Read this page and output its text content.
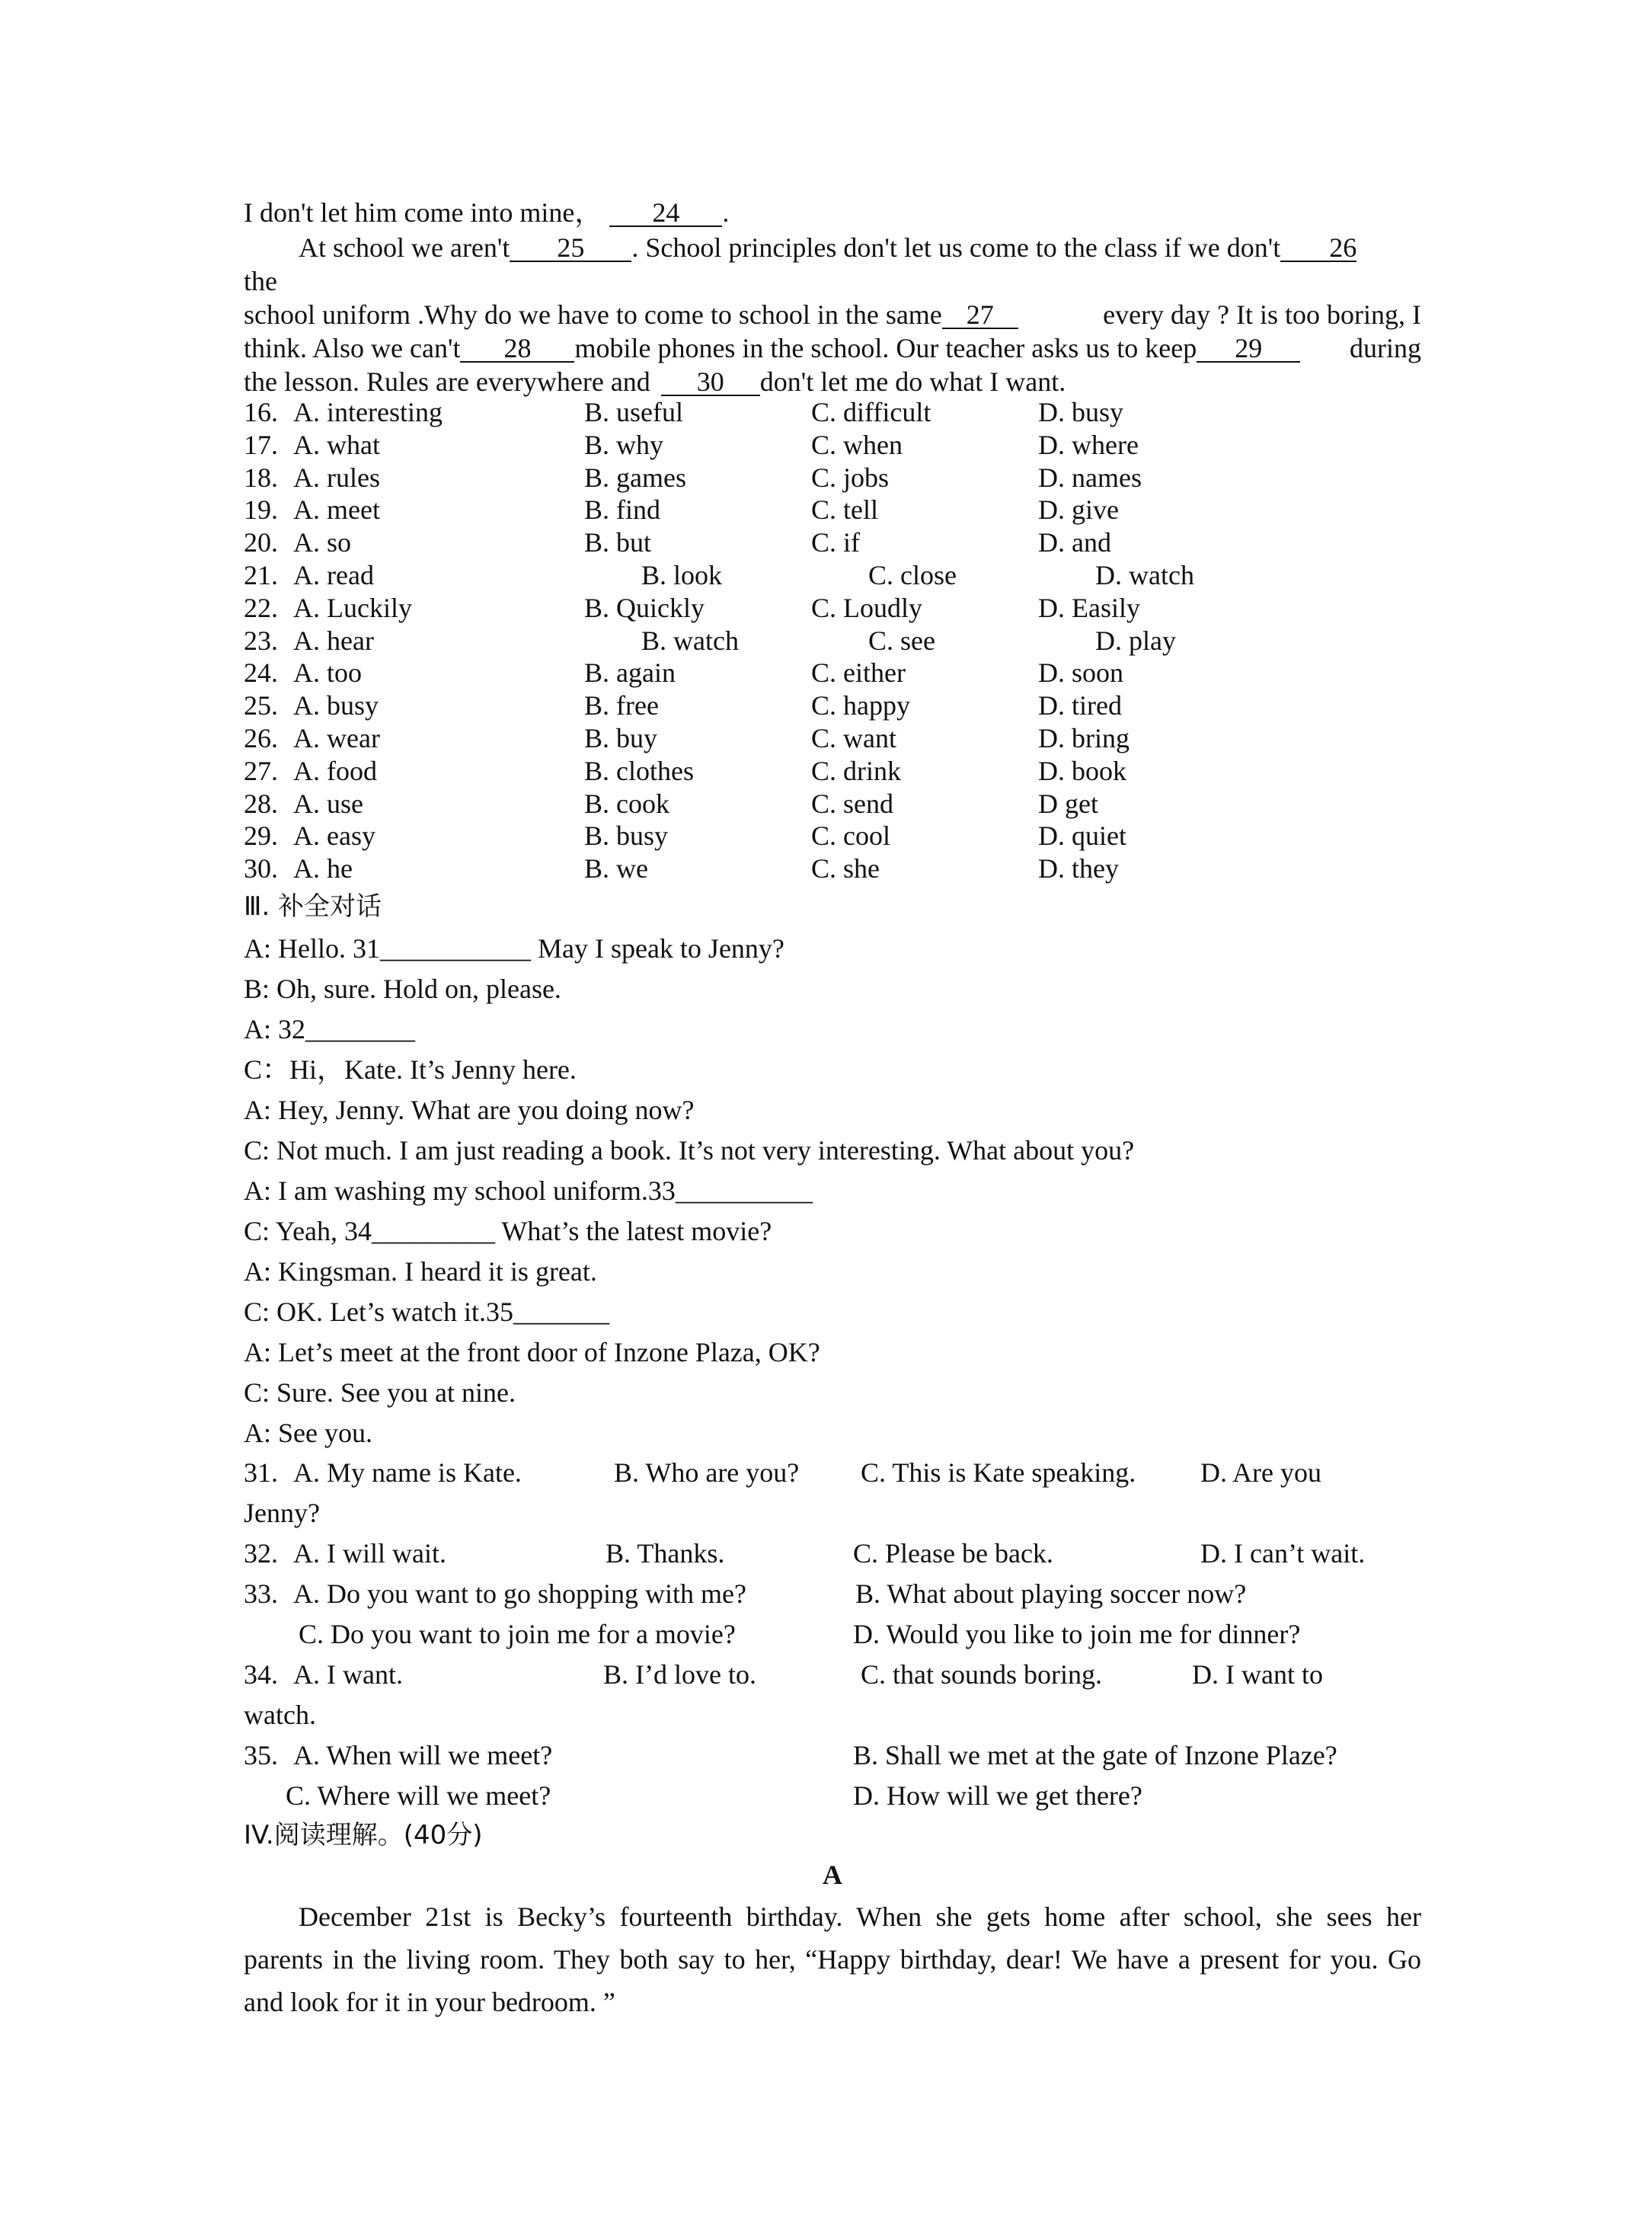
I don't let him come into mine， 24 .
At school we aren't 25 . School principles don't let us come to the class if we don't 26
the
school uniform .Why do we have to come to school in the same 27	every day ? It is too boring, I
think. Also we can't 28 mobile phones in the school. Our teacher asks us to keep 29	during
the lesson. Rules are everywhere and 30 don't let me do what I want.
16. A. interesting	B. useful	C. difficult	D. busy
17. A. what	B. why	C. when	D. where
18. A. rules	B. games	C. jobs	D. names
19. A. meet	B. find	C. tell	D. give
20. A. so	B. but	C. if	D. and
21. A. read	B. look	C. close	D. watch
22. A. Luckily	B. Quickly	C. Loudly	D. Easily
23. A. hear	B. watch	C. see	D. play
24. A. too	B. again	C. either	D. soon
25. A. busy	B. free	C. happy	D. tired
26. A. wear	B. buy	C. want	D. bring
27. A. food	B. clothes	C. drink	D. book
28. A. use	B. cook	C. send	D get
29. A. easy	B. busy	C. cool	D. quiet
30. A. he	B. we	C. she	D. they
Ⅲ. 补全对话
A: Hello. 31___________ May I speak to Jenny?
B: Oh, sure. Hold on, please.
A: 32________
C：Hi，Kate. It’s Jenny here.
A: Hey, Jenny. What are you doing now?
C: Not much. I am just reading a book. It’s not very interesting. What about you?
A: I am washing my school uniform.33__________
C: Yeah, 34_________ What’s the latest movie?
A: Kingsman. I heard it is great.
C: OK. Let’s watch it.35_______
A: Let’s meet at the front door of Inzone Plaza, OK?
C: Sure. See you at nine.
A: See you.
31. A. My name is Kate.	B. Who are you? C. This is Kate speaking. D. Are you
Jenny?
32. A. I will wait.	B. Thanks.	C. Please be back.	D. I can’t wait.
33. A. Do you want to go shopping with me?	B. What about playing soccer now?
C. Do you want to join me for a movie?	D. Would you like to join me for dinner?
34. A. I want.	B. I’d love to.	C. that sounds boring.	D. I want to
watch.
35. A. When will we meet?	B. Shall we met at the gate of Inzone Plaze?
C. Where will we meet?	D. How will we get there?
IV.阅读理解。(40分)
A
December 21st is Becky’s fourteenth birthday. When she gets home after school, she sees her
parents in the living room. They both say to her, “Happy birthday, dear! We have a present for you. Go
and look for it in your bedroom. ”
